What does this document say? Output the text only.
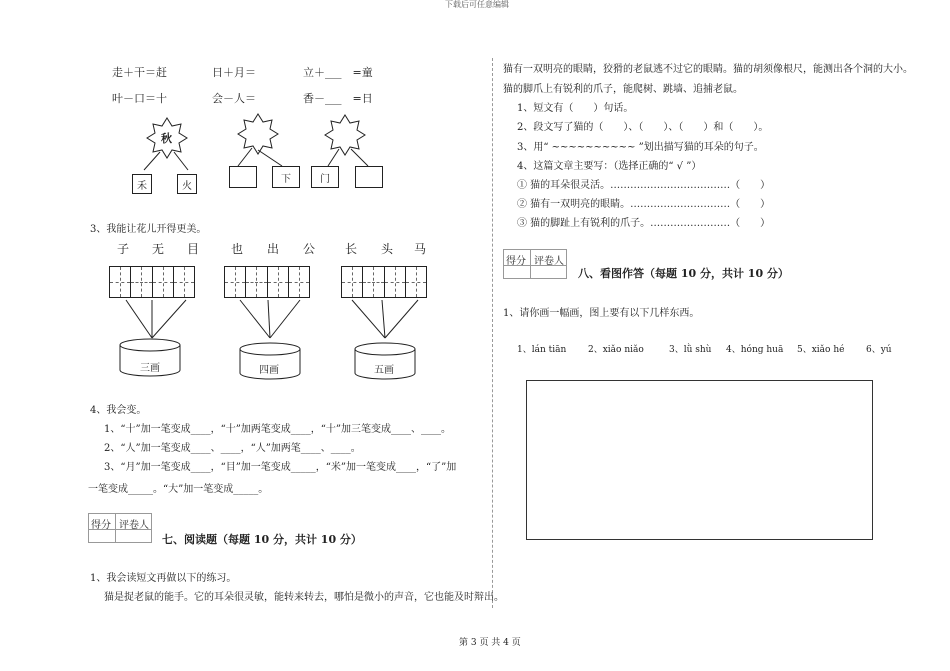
下载后可任意编辑
走＋干＝赶	日＋月＝	立＋___　=童
叶－口＝十	会－人＝	香－___　=日
秋
禾	火
下	门
3、我能让花儿开得更美。
子 无 目	也 出 公 长 头 马
三画	四画	五画
4、我会变。
1、“十”加一笔变成____，“十”加两笔变成____，“十”加三笔变成____、____。
2、“人”加一笔变成____、____，“人”加两笔____、____。
3、“月”加一笔变成____，“目”加一笔变成_____，“米”加一笔变成____，“了”加
一笔变成_____。“大”加一笔变成_____。
得分 评卷人
七、阅读题（每题 10 分，共计 10 分）
1、我会读短文再做以下的练习。
猫是捉老鼠的能手。它的耳朵很灵敏，能转来转去，哪怕是微小的声音，它也能及时辩出。
猫有一双明亮的眼睛，狡猾的老鼠逃不过它的眼睛。猫的胡须像根尺，能测出各个洞的大小。
猫的脚爪上有锐利的爪子，能爬树、跳墙、追捕老鼠。
1、短文有（　　）句话。
2、段文写了猫的（　　）、（　　）、（　　）和（　　）。
3、用“ ~~~~~~~~~~ ”划出描写猫的耳朵的句子。
4、这篇文章主要写：（选择正确的“ √ ”）
① 猫的耳朵很灵活。………………………………（　　）
② 猫有一双明亮的眼睛。…………………………（　　）
③ 猫的脚趾上有锐利的爪子。……………………（　　）
得分 评卷人
八、看图作答（每题 10 分，共计 10 分）
1、请你画一幅画，图上要有以下几样东西。
1、lán tiān 2、xiǎo niǎo	3、lǜ shù 4、hóng huā 5、xiǎo hé 6、yú
第 3 页 共 4 页
